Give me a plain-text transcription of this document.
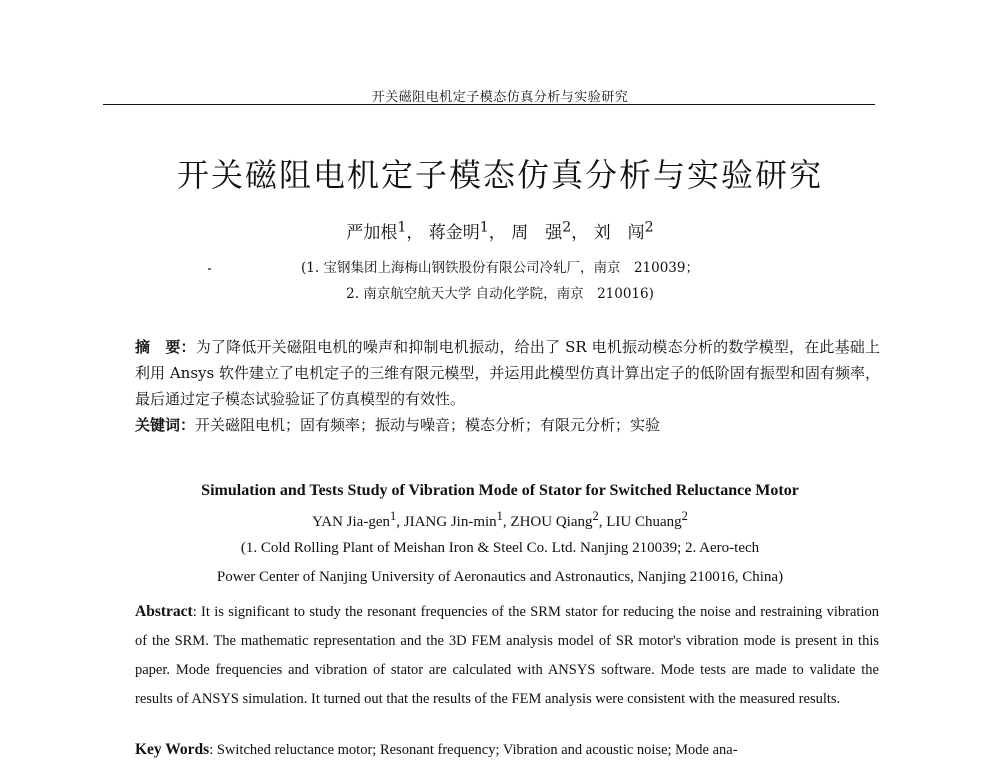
开关磁阻电机定子模态仿真分析与实验研究
开关磁阻电机定子模态仿真分析与实验研究
严加根$^1$， 蒋金明$^1$， 周　强$^2$， 刘　闯$^2$
(1. 宝钢集团上海梅山钢铁股份有限公司冷轧厂，南京　210039；
2. 南京航空航天大学 自动化学院，南京　210016)
摘　要：为了降低开关磁阻电机的噪声和抑制电机振动，给出了 SR 电机振动模态分析的数学模型，在此基础上利用 Ansys 软件建立了电机定子的三维有限元模型，并运用此模型仿真计算出定子的低阶固有振型和固有频率，最后通过定子模态试验验证了仿真模型的有效性。
关键词：开关磁阻电机；固有频率；振动与噪音；模态分析；有限元分析；实验
Simulation and Tests Study of Vibration Mode of Stator for Switched Reluctance Motor
YAN Jia-gen$^1$, JIANG Jin-$\min^1$, ZHOU Qiang$^2$, LIU Chuang$^2$
(1. Cold Rolling Plant of Meishan Iron & Steel Co. Ltd. Nanjing 210039; 2. Aero-tech
Power Center of Nanjing University of Aeronautics and Astronautics, Nanjing 210016, China)
Abstract: It is significant to study the resonant frequencies of the SRM stator for reducing the noise and restraining vibration of the SRM. The mathematic representation and the 3D FEM analysis model of SR motor's vibration mode is present in this paper. Mode frequencies and vibration of stator are calculated with ANSYS software. Mode tests are made to validate the results of ANSYS simulation. It turned out that the results of the FEM analysis were consistent with the measured results.
Key Words: Switched reluctance motor; Resonant frequency; Vibration and acoustic noise; Mode ana-
